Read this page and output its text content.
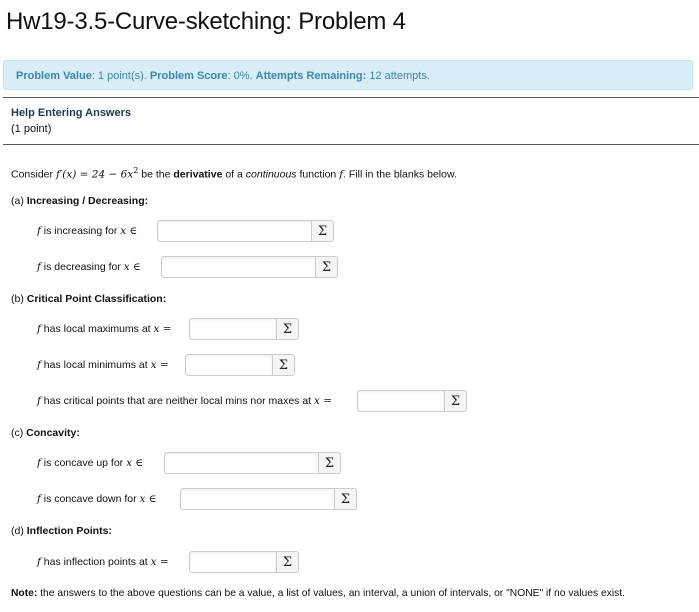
Hw19-3.5-Curve-sketching: Problem 4
Problem Value: 1 point(s). Problem Score: 0%. Attempts Remaining: 12 attempts.
Help Entering Answers
(1 point)
Consider $f'(x) = 24 - 6x^2$ be the derivative of a continuous function f. Fill in the blanks below.
(a) Increasing / Decreasing:
f is increasing for x ∈	Σ
f is decreasing for x ∈	Σ
(b) Critical Point Classification:
f has local maximums at x =	Σ
f has local minimums at x =	Σ
f has critical points that are neither local mins nor maxes at x =	Σ
(c) Concavity:
f is concave up for x ∈	Σ
f is concave down for x ∈	Σ
(d) Inflection Points:
f has inflection points at x =	Σ
Note: the answers to the above questions can be a value, a list of values, an interval, a union of intervals, or "NONE" if no values exist.
